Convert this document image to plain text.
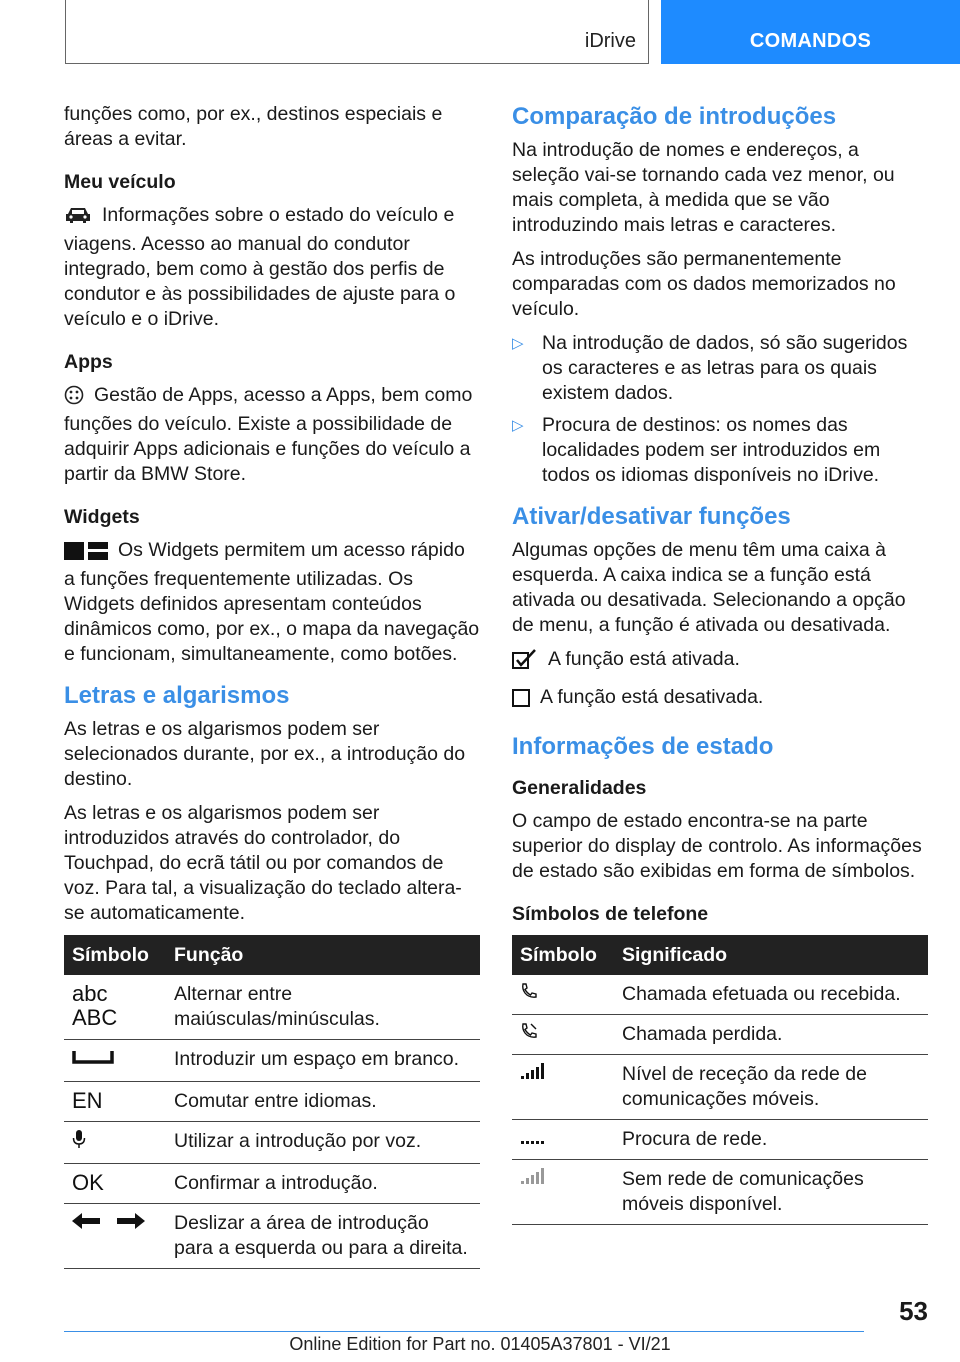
iDrive	COMANDOS

funções como, por ex., destinos especiais e áreas a evitar.

Meu veículo

Informações sobre o estado do veículo e viagens. Acesso ao manual do condutor integrado, bem como à gestão dos perfis de condutor e às possibilidades de ajuste para o veículo e o iDrive.

Apps

Gestão de Apps, acesso a Apps, bem como funções do veículo. Existe a possibilidade de adquirir Apps adicionais e funções do veículo a partir da BMW Store.

Widgets

Os Widgets permitem um acesso rápido a funções frequentemente utilizadas. Os Widgets definidos apresentam conteúdos dinâmicos como, por ex., o mapa da navegação e funcionam, simultaneamente, como botões.

Letras e algarismos

As letras e os algarismos podem ser selecionados durante, por ex., a introdução do destino.

As letras e os algarismos podem ser introduzidos através do controlador, do Touchpad, do ecrã tátil ou por comandos de voz. Para tal, a visualização do teclado altera-se automaticamente.

Símbolo	Função

abc
ABC	Alternar entre maiúsculas/minúsculas.
	Introduzir um espaço em branco.

EN	Comutar entre idiomas.
	Utilizar a introdução por voz.

OK	Confirmar a introdução.
	Deslizar a área de introdução para a esquerda ou para a direita.
Comparação de introduções

Na introdução de nomes e endereços, a seleção vai-se tornando cada vez menor, ou mais completa, à medida que se vão introduzindo mais letras e caracteres.

As introduções são permanentemente comparadas com os dados memorizados no veículo.

▷ Na introdução de dados, só são sugeridos os caracteres e as letras para os quais existem dados.
▷ Procura de destinos: os nomes das localidades podem ser introduzidos em todos os idiomas disponíveis no iDrive.
Ativar/desativar funções

Algumas opções de menu têm uma caixa à esquerda. A caixa indica se a função está ativada ou desativada. Selecionando a opção de menu, a função é ativada ou desativada.

A função está ativada.
A função está desativada.
Informações de estado
Generalidades

O campo de estado encontra-se na parte superior do display de controlo. As informações de estado são exibidas em forma de símbolos.

Símbolos de telefone
Símbolo	Significado
	Chamada efetuada ou recebida.
	Chamada perdida.
	Nível de receção da rede de comunicações móveis.
	Procura de rede.
	Sem rede de comunicações móveis disponível.
53
Online Edition for Part no. 01405A37801 - VI/21
